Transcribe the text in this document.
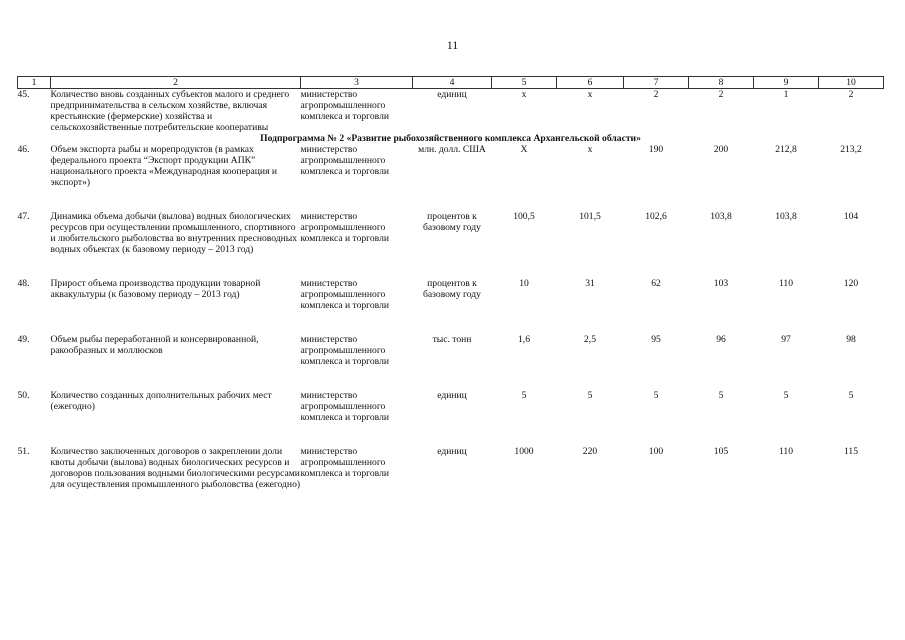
11
1	2	3	4	5	6	7	8	9	10
45.	Количество вновь созданных субъектов малого и среднего предпринимательства в сельском хозяйстве, включая крестьянские (фермерские) хозяйства и сельскохозяйственные потребительские кооперативы	министерство агропромышленного комплекса и торговли	единиц	х	х	2	2	1	2
Подпрограмма № 2 «Развитие рыбохозяйственного комплекса Архангельской области»									
46.	Объем экспорта рыбы и морепродуктов (в рамках федерального проекта “Экспорт продукции АПК” национального проекта «Международная кооперация и экспорт»)	министерство агропромышленного комплекса и торговли	млн. долл. США	Х	х	190	200	212,8	213,2

47.	Динамика объема добычи (вылова) водных биологических ресурсов при осуществлении промышленного, спортивного и любительского рыболовства во внутренних пресноводных водных объектах (к базовому периоду – 2013 год)	министерство агропромышленного комплекса и торговли	процентов к базовому году	100,5	101,5	102,6	103,8	103,8	104

48.	Прирост объема производства продукции товарной аквакультуры (к базовому периоду – 2013 год)	министерство агропромышленного комплекса и торговли	процентов к базовому году	10	31	62	103	110	120

49.	Объем рыбы переработанной и консервированной, ракообразных и моллюсков	министерство агропромышленного комплекса и торговли	тыс. тонн	1,6	2,5	95	96	97	98

50.	Количество созданных дополнительных рабочих мест (ежегодно)	министерство агропромышленного комплекса и торговли	единиц	5	5	5	5	5	5

51.	Количество заключенных договоров о закреплении доли квоты добычи (вылова) водных биологических ресурсов и договоров пользования водными биологическими ресурсами для осуществления промышленного рыболовства (ежегодно)	министерство агропромышленного комплекса и торговли	единиц	1000	220	100	105	110	115
